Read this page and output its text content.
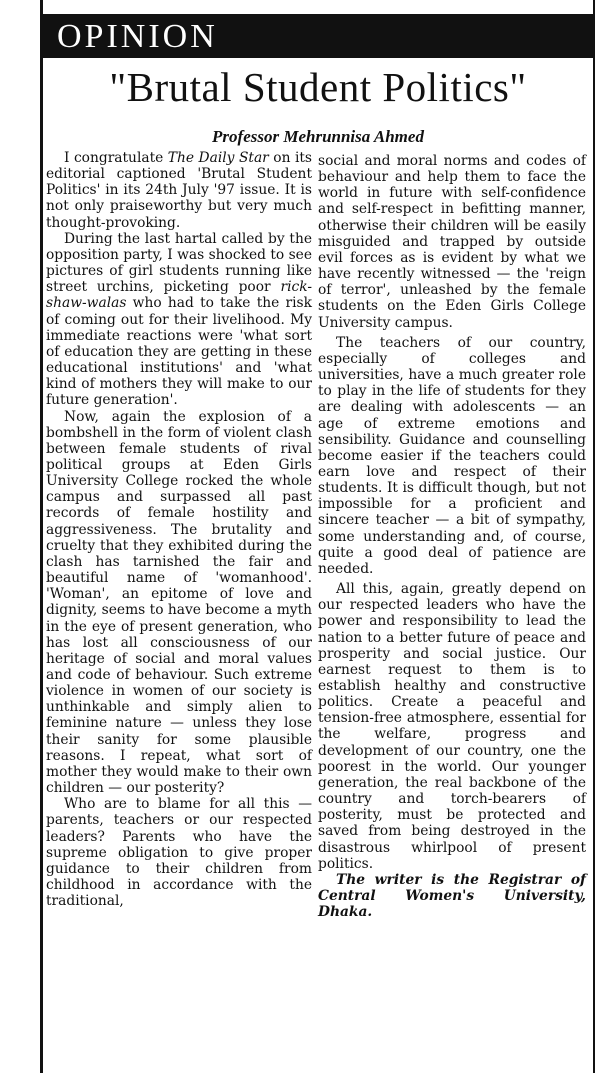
OPINION
"Brutal Student Politics"
Professor Mehrunnisa Ahmed

I congratulate The Daily Star on its editorial captioned 'Brutal Student Politics' in its 24th July '97 issue. It is not only praiseworthy but very much thought-provoking.

During the last hartal called by the opposition party, I was shocked to see pictures of girl students running like street urchins, picketing poor rick-shaw-walas who had to take the risk of coming out for their livelihood. My immediate reactions were 'what sort of education they are getting in these educational institutions' and 'what kind of mothers they will make to our future generation'.

Now, again the explosion of a bombshell in the form of violent clash between female students of rival political groups at Eden Girls University College rocked the whole campus and surpassed all past records of female hostility and aggressiveness. The brutality and cruelty that they exhibited during the clash has tarnished the fair and beautiful name of 'womanhood'. 'Woman', an epitome of love and dignity, seems to have become a myth in the eye of present generation, who has lost all consciousness of our heritage of social and moral values and code of behaviour. Such extreme violence in women of our society is unthinkable and simply alien to feminine nature — unless they lose their sanity for some plausible reasons. I repeat, what sort of mother they would make to their own children — our posterity?

Who are to blame for all this — parents, teachers or our respected leaders? Parents who have the supreme obligation to give proper guidance to their children from childhood in accordance with the traditional,

social and moral norms and codes of behaviour and help them to face the world in future with self-confidence and self-respect in befitting manner, otherwise their children will be easily misguided and trapped by outside evil forces as is evident by what we have recently witnessed — the 'reign of terror', unleashed by the female students on the Eden Girls College University campus.

The teachers of our country, especially of colleges and universities, have a much greater role to play in the life of students for they are dealing with adolescents — an age of extreme emotions and sensibility. Guidance and counselling become easier if the teachers could earn love and respect of their students. It is difficult though, but not impossible for a proficient and sincere teacher — a bit of sympathy, some understanding and, of course, quite a good deal of patience are needed.

All this, again, greatly depend on our respected leaders who have the power and responsibility to lead the nation to a better future of peace and prosperity and social justice. Our earnest request to them is to establish healthy and constructive politics. Create a peaceful and tension-free atmosphere, essential for the welfare, progress and development of our country, one the poorest in the world. Our younger generation, the real backbone of the country and torch-bearers of posterity, must be protected and saved from being destroyed in the disastrous whirlpool of present politics.

The writer is the Registrar of Central Women's University, Dhaka.
